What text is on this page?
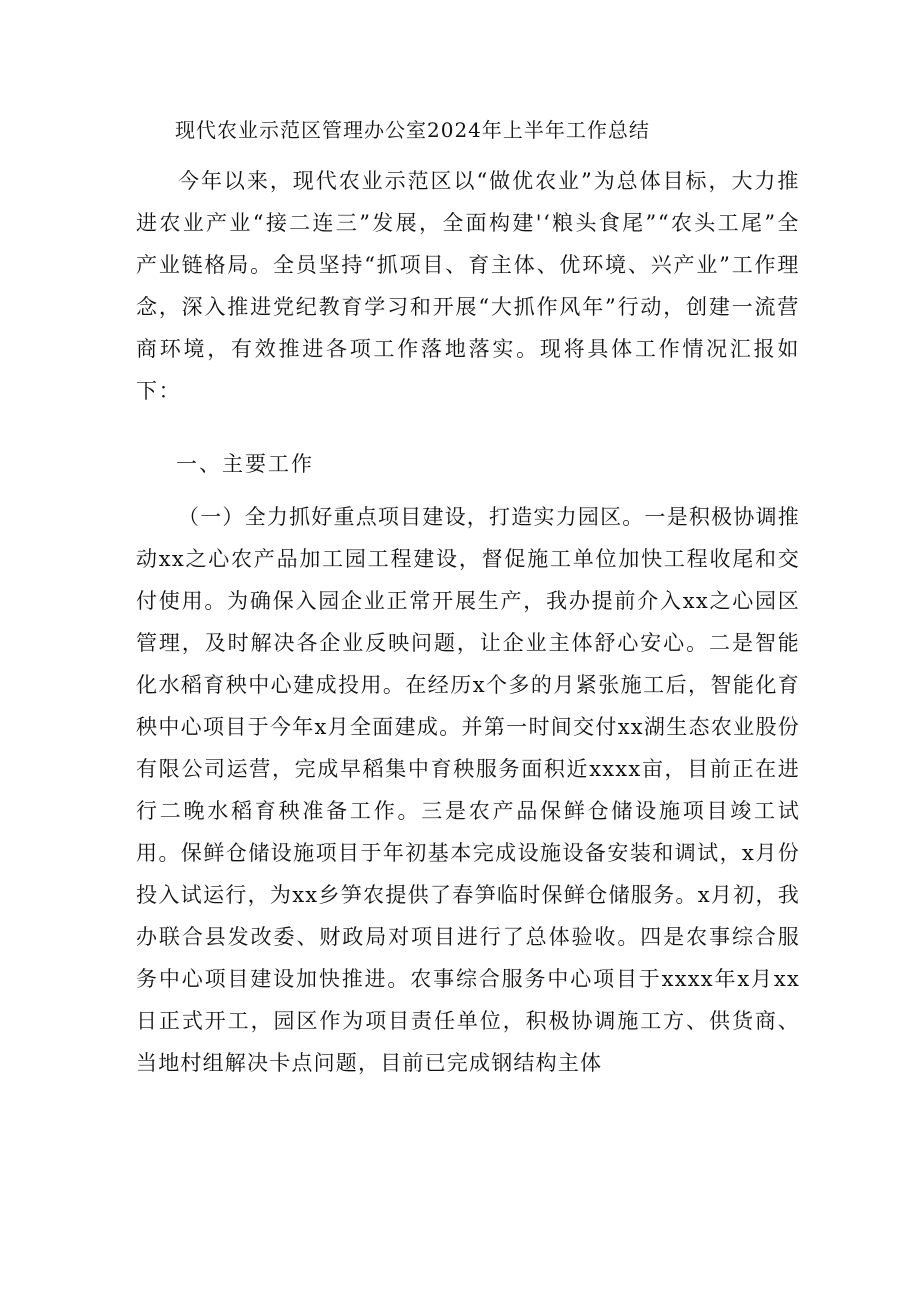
现代农业示范区管理办公室2024年上半年工作总结

今年以来，现代农业示范区以“做优农业”为总体目标，大力推进农业产业“接二连三”发展，全面构建'‘粮头食尾”“农头工尾”全产业链格局。全员坚持“抓项目、育主体、优环境、兴产业”工作理念，深入推进党纪教育学习和开展“大抓作风年”行动，创建一流营商环境，有效推进各项工作落地落实。现将具体工作情况汇报如下：

一、主要工作

（一）全力抓好重点项目建设，打造实力园区。一是积极协调推动xx之心农产品加工园工程建设，督促施工单位加快工程收尾和交付使用。为确保入园企业正常开展生产，我办提前介入xx之心园区管理，及时解决各企业反映问题，让企业主体舒心安心。二是智能化水稻育秧中心建成投用。在经历x个多的月紧张施工后，智能化育秧中心项目于今年x月全面建成。并第一时间交付xx湖生态农业股份有限公司运营，完成早稻集中育秧服务面积近xxxx亩，目前正在进行二晚水稻育秧准备工作。三是农产品保鲜仓储设施项目竣工试用。保鲜仓储设施项目于年初基本完成设施设备安装和调试，x月份投入试运行，为xx乡笋农提供了春笋临时保鲜仓储服务。x月初，我办联合县发改委、财政局对项目进行了总体验收。四是农事综合服务中心项目建设加快推进。农事综合服务中心项目于xxxx年x月xx日正式开工，园区作为项目责任单位，积极协调施工方、供货商、当地村组解决卡点问题，目前已完成钢结构主体
